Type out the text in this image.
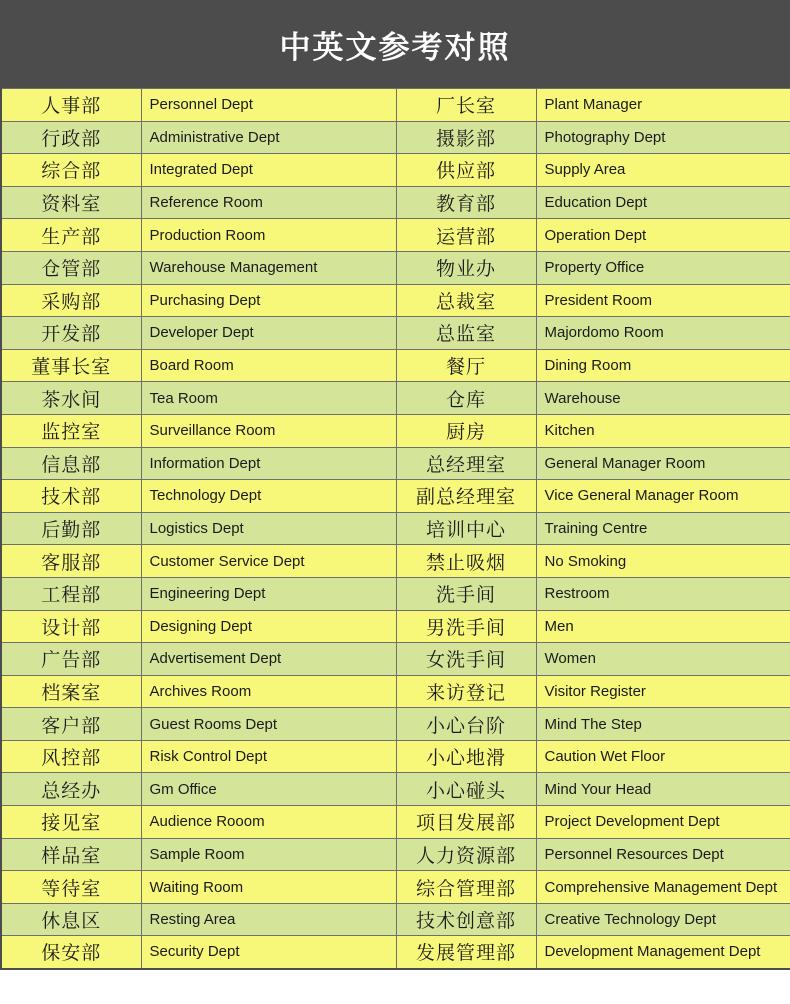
中英文参考对照
人事部	Personnel Dept	厂长室	Plant Manager

行政部	Administrative Dept	摄影部	Photography Dept

综合部	Integrated Dept	供应部	Supply Area

资料室	Reference Room	教育部	Education Dept

生产部	Production Room	运营部	Operation Dept

仓管部	Warehouse Management	物业办	Property Office

采购部	Purchasing Dept	总裁室	President Room

开发部	Developer Dept	总监室	Majordomo Room

董事长室	Board Room	餐厅	Dining Room

茶水间	Tea Room	仓库	Warehouse

监控室	Surveillance Room	厨房	Kitchen

信息部	Information Dept	总经理室	General Manager Room

技术部	Technology Dept	副总经理室	Vice General Manager Room

后勤部	Logistics Dept	培训中心	Training Centre

客服部	Customer Service Dept	禁止吸烟	No Smoking

工程部	Engineering Dept	洗手间	Restroom

设计部	Designing Dept	男洗手间	Men

广告部	Advertisement Dept	女洗手间	Women

档案室	Archives Room	来访登记	Visitor Register

客户部	Guest Rooms Dept	小心台阶	Mind The Step

风控部	Risk Control Dept	小心地滑	Caution Wet Floor

总经办	Gm Office	小心碰头	Mind Your Head

接见室	Audience Rooom	项目发展部	Project Development Dept

样品室	Sample Room	人力资源部	Personnel Resources Dept

等待室	Waiting Room	综合管理部	Comprehensive Management Dept

休息区	Resting Area	技术创意部	Creative Technology Dept

保安部	Security Dept	发展管理部	Development Management Dept
